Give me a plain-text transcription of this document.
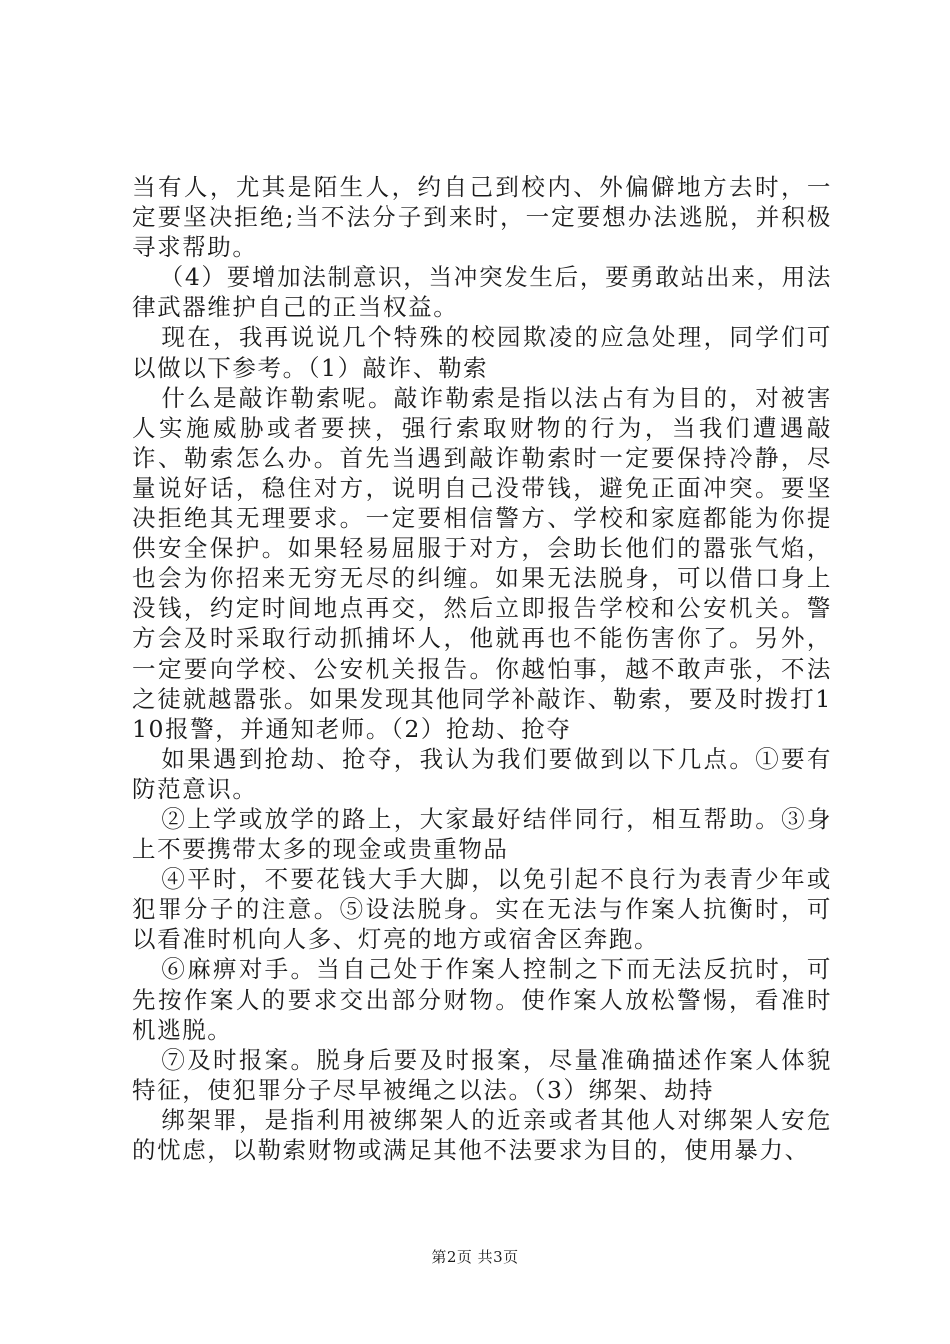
当有人，尤其是陌生人，约自己到校内、外偏僻地方去时，一定要坚决拒绝;当不法分子到来时，一定要想办法逃脱，并积极寻求帮助。

（4）要增加法制意识，当冲突发生后，要勇敢站出来，用法律武器维护自己的正当权益。

现在，我再说说几个特殊的校园欺凌的应急处理，同学们可以做以下参考。（1）敲诈、勒索

什么是敲诈勒索呢。敲诈勒索是指以法占有为目的，对被害人实施威胁或者要挟，强行索取财物的行为，当我们遭遇敲诈、勒索怎么办。首先当遇到敲诈勒索时一定要保持冷静，尽量说好话，稳住对方，说明自己没带钱，避免正面冲突。要坚决拒绝其无理要求。一定要相信警方、学校和家庭都能为你提供安全保护。如果轻易屈服于对方，会助长他们的嚣张气焰，也会为你招来无穷无尽的纠缠。如果无法脱身，可以借口身上没钱，约定时间地点再交，然后立即报告学校和公安机关。警方会及时采取行动抓捕坏人，他就再也不能伤害你了。另外，一定要向学校、公安机关报告。你越怕事，越不敢声张，不法之徒就越嚣张。如果发现其他同学补敲诈、勒索，要及时拨打110报警，并通知老师。（2）抢劫、抢夺

如果遇到抢劫、抢夺，我认为我们要做到以下几点。①要有防范意识。

②上学或放学的路上，大家最好结伴同行，相互帮助。③身上不要携带太多的现金或贵重物品

④平时，不要花钱大手大脚，以免引起不良行为表青少年或犯罪分子的注意。⑤设法脱身。实在无法与作案人抗衡时，可以看准时机向人多、灯亮的地方或宿舍区奔跑。

⑥麻痹对手。当自己处于作案人控制之下而无法反抗时，可先按作案人的要求交出部分财物。使作案人放松警惕，看准时机逃脱。

⑦及时报案。脱身后要及时报案，尽量准确描述作案人体貌特征，使犯罪分子尽早被绳之以法。（3）绑架、劫持

绑架罪，是指利用被绑架人的近亲或者其他人对绑架人安危的忧虑，以勒索财物或满足其他不法要求为目的，使用暴力、

第2页 共3页
